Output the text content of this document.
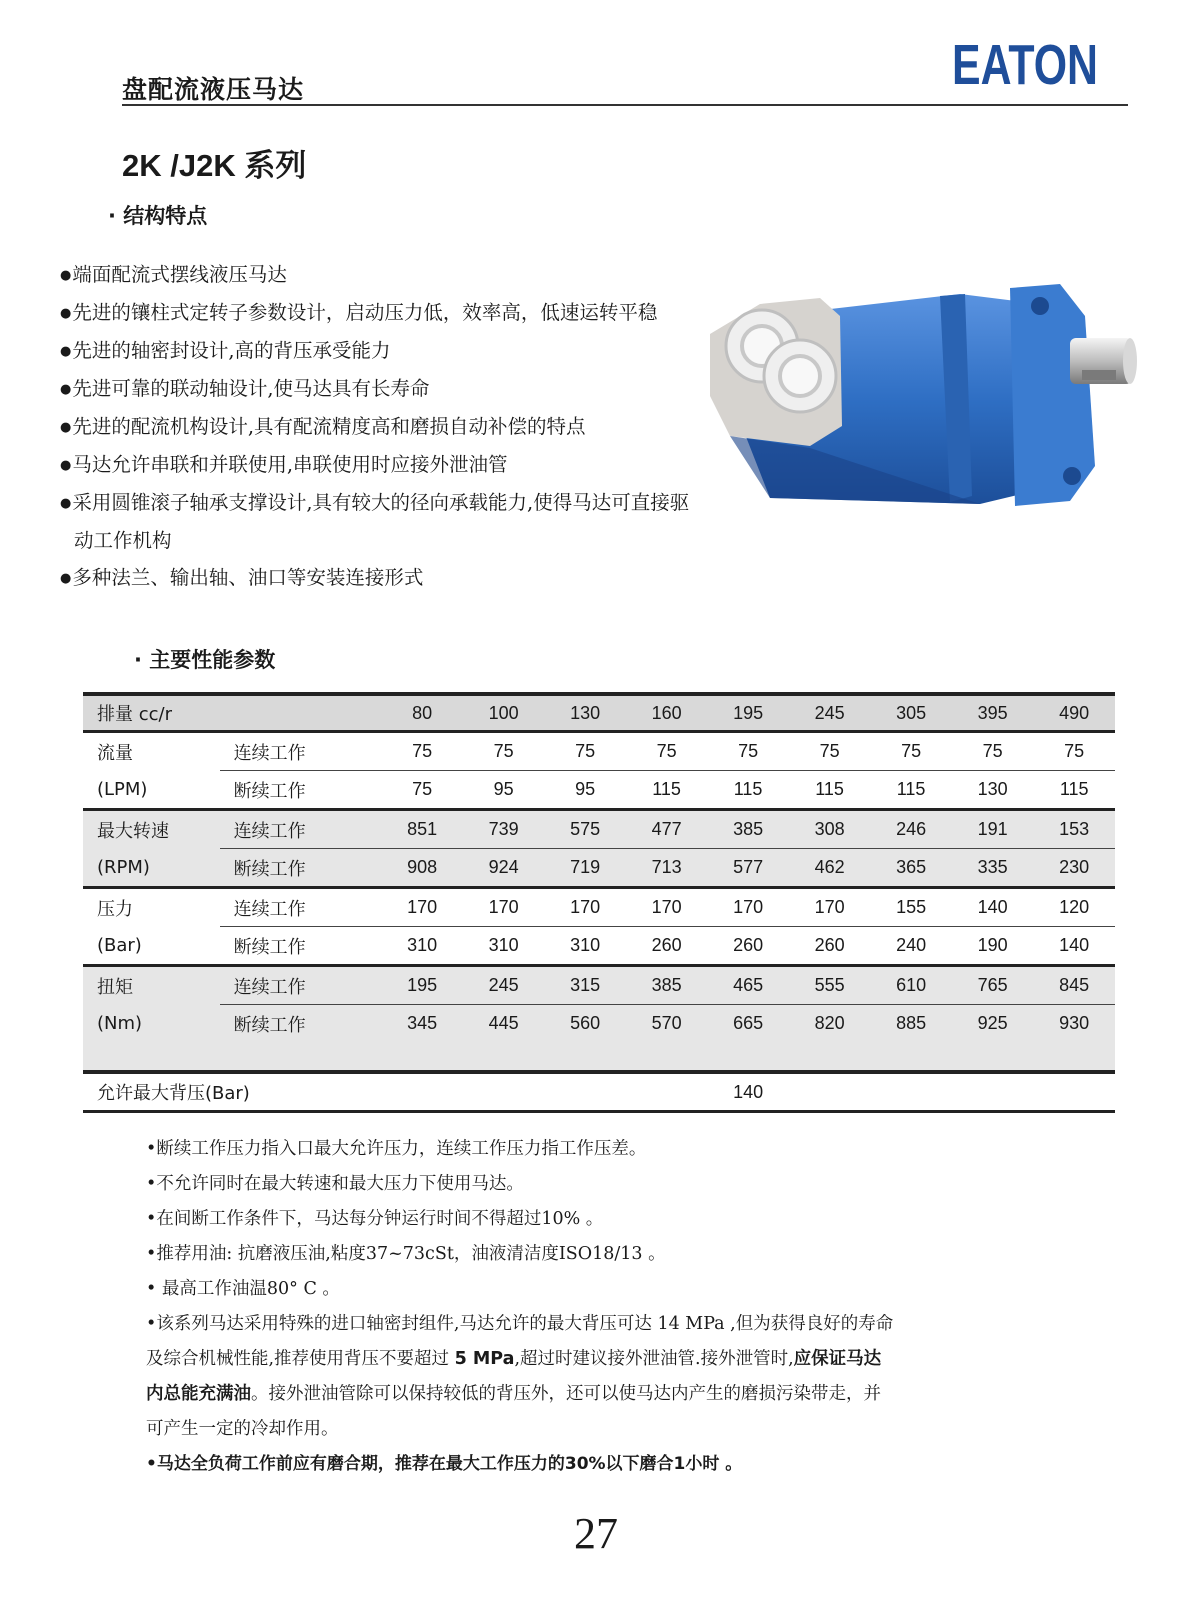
盘配流液压马达	EATON
2K /J2K 系列
· 结构特点
●端面配流式摆线液压马达
●先进的镶柱式定转子参数设计，启动压力低，效率高，低速运转平稳
●先进的轴密封设计,高的背压承受能力
●先进可靠的联动轴设计,使马达具有长寿命
●先进的配流机构设计,具有配流精度高和磨损自动补偿的特点
●马达允许串联和并联使用,串联使用时应接外泄油管
●采用圆锥滚子轴承支撑设计,具有较大的径向承载能力,使得马达可直接驱动工作机构
●多种法兰、输出轴、油口等安装连接形式
· 主要性能参数
排量 cc/r		80	100	130	160	195	245	305	395	490
流量	连续工作	75	75	75	75	75	75	75	75	75
(LPM)	断续工作	75	95	95	115	115	115	115	130	115
最大转速	连续工作	851	739	575	477	385	308	246	191	153
(RPM)	断续工作	908	924	719	713	577	462	365	335	230
压力	连续工作	170	170	170	170	170	170	155	140	120
(Bar)	断续工作	310	310	310	260	260	260	240	190	140
扭矩	连续工作	195	245	315	385	465	555	610	765	845
(Nm)	断续工作	345	445	560	570	665	820	885	925	930

允许最大背压(Bar)						140				
•断续工作压力指入口最大允许压力，连续工作压力指工作压差。
•不允许同时在最大转速和最大压力下使用马达。
•在间断工作条件下，马达每分钟运行时间不得超过10% 。
•推荐用油: 抗磨液压油,粘度37~73cSt，油液清洁度ISO18/13 。
• 最高工作油温80° C 。
•该系列马达采用特殊的进口轴密封组件,马达允许的最大背压可达 14 MPa ,但为获得良好的寿命
及综合机械性能,推荐使用背压不要超过 5 MPa,超过时建议接外泄油管.接外泄管时,应保证马达
内总能充满油。接外泄油管除可以保持较低的背压外，还可以使马达内产生的磨损污染带走，并
可产生一定的冷却作用。
•马达全负荷工作前应有磨合期，推荐在最大工作压力的30%以下磨合1小时 。
27
